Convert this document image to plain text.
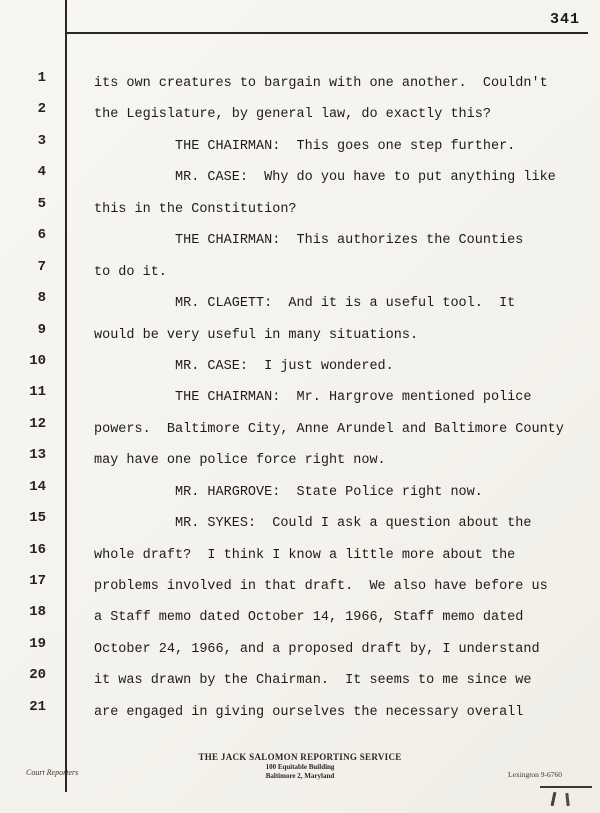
341
1
2
3
4
5
6
7
8
9
10
11
12
13
14
15
16
17
18
19
20
21
its own creatures to bargain with one another.  Couldn't
the Legislature, by general law, do exactly this?
THE CHAIRMAN:  This goes one step further.
MR. CASE:  Why do you have to put anything like
this in the Constitution?
THE CHAIRMAN:  This authorizes the Counties
to do it.
MR. CLAGETT:  And it is a useful tool.  It
would be very useful in many situations.
MR. CASE:  I just wondered.
THE CHAIRMAN:  Mr. Hargrove mentioned police
powers.  Baltimore City, Anne Arundel and Baltimore County
may have one police force right now.
MR. HARGROVE:  State Police right now.
MR. SYKES:  Could I ask a question about the
whole draft?  I think I know a little more about the
problems involved in that draft.  We also have before us
a Staff memo dated October 14, 1966, Staff memo dated
October 24, 1966, and a proposed draft by, I understand
it was drawn by the Chairman.  It seems to me since we
are engaged in giving ourselves the necessary overall
Court Reporters
THE JACK SALOMON REPORTING SERVICE
100 Equitable Building
Baltimore 2, Maryland	Lexington 9-6760
